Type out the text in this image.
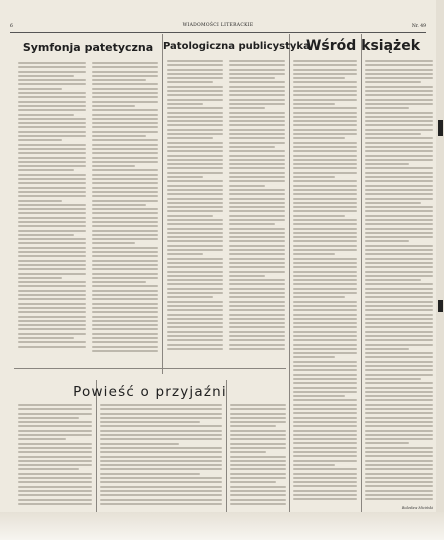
6	WIADOMOŚCI LITERACKIE	Nr. 49
Symfonja patetyczna Patologiczna publicystyka
Wśród książek
Powieść o przyjaźni
Bolesław Miciński
